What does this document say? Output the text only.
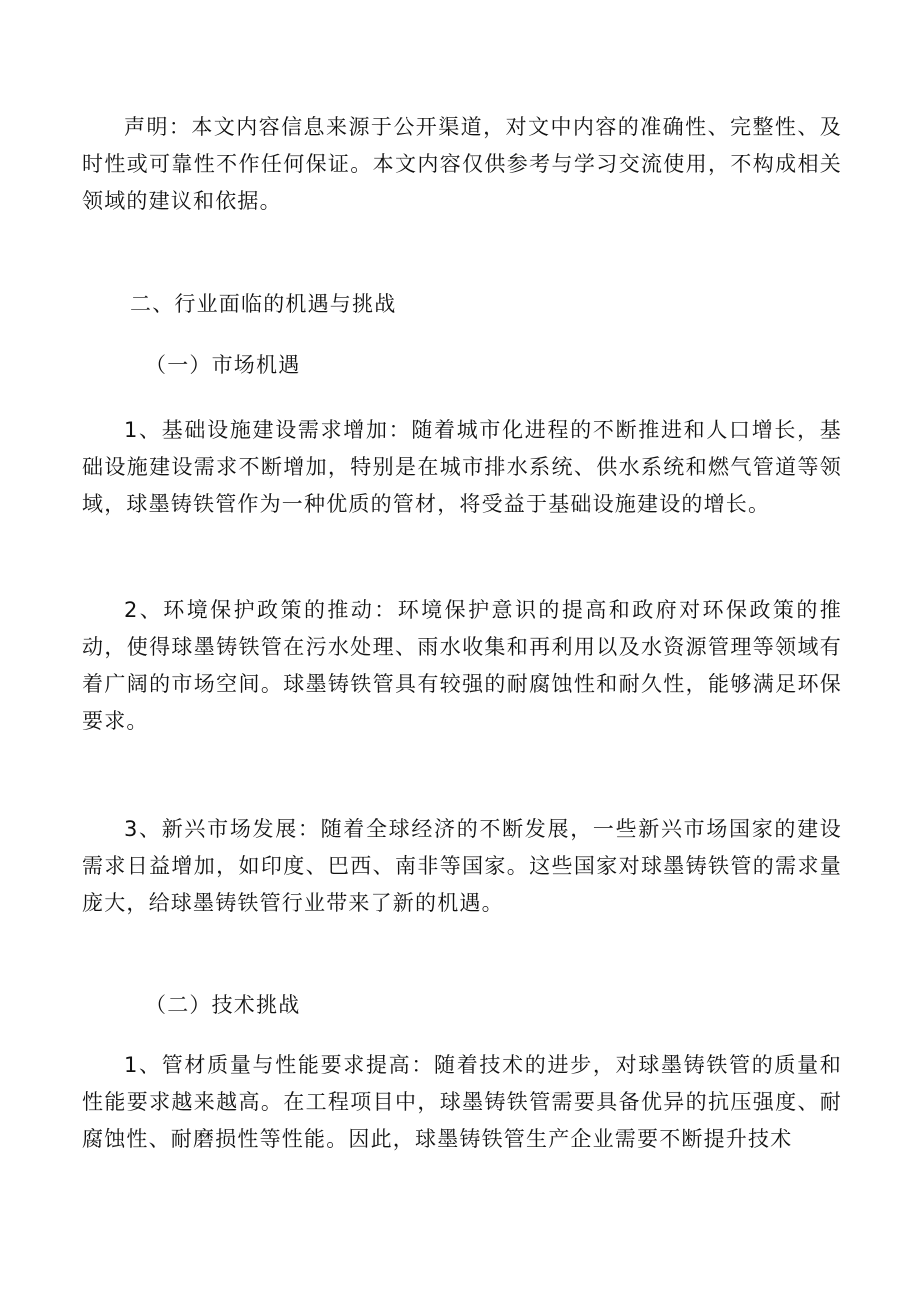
声明：本文内容信息来源于公开渠道，对文中内容的准确性、完整性、及时性或可靠性不作任何保证。本文内容仅供参考与学习交流使用，不构成相关领域的建议和依据。

二、行业面临的机遇与挑战
（一）市场机遇

1、基础设施建设需求增加：随着城市化进程的不断推进和人口增长，基础设施建设需求不断增加，特别是在城市排水系统、供水系统和燃气管道等领域，球墨铸铁管作为一种优质的管材，将受益于基础设施建设的增长。

2、环境保护政策的推动：环境保护意识的提高和政府对环保政策的推动，使得球墨铸铁管在污水处理、雨水收集和再利用以及水资源管理等领域有着广阔的市场空间。球墨铸铁管具有较强的耐腐蚀性和耐久性，能够满足环保要求。

3、新兴市场发展：随着全球经济的不断发展，一些新兴市场国家的建设需求日益增加，如印度、巴西、南非等国家。这些国家对球墨铸铁管的需求量庞大，给球墨铸铁管行业带来了新的机遇。

（二）技术挑战

1、管材质量与性能要求提高：随着技术的进步，对球墨铸铁管的质量和性能要求越来越高。在工程项目中，球墨铸铁管需要具备优异的抗压强度、耐腐蚀性、耐磨损性等性能。因此，球墨铸铁管生产企业需要不断提升技术
